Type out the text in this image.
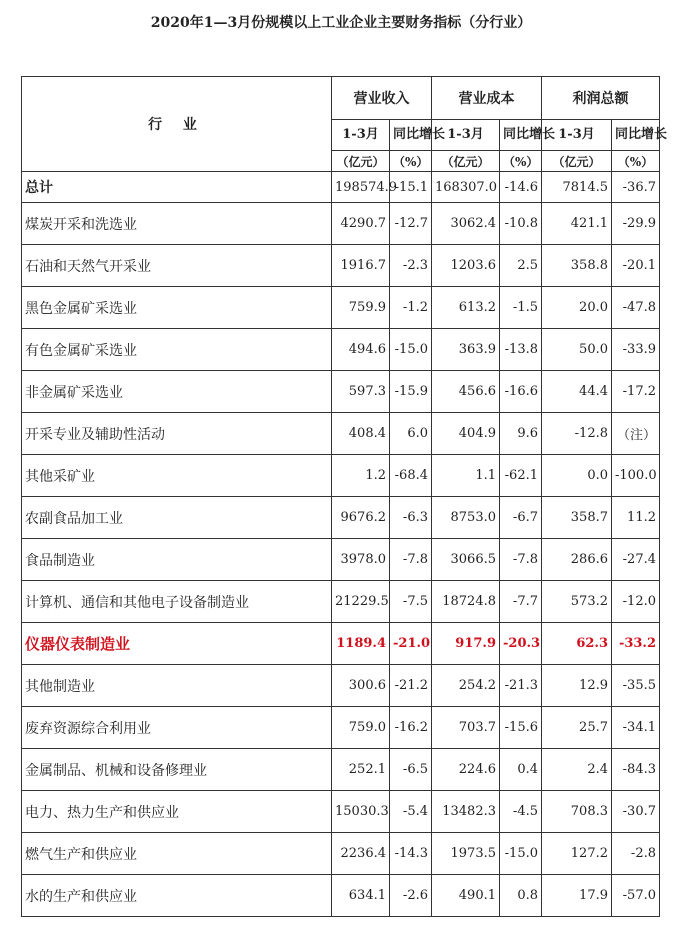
2020年1—3月份规模以上工业企业主要财务指标（分行业）
行 业	营业收入		营业成本		利润总额	
	1-3月	同比增长	1-3月	同比增长	1-3月	同比增长
	（亿元）	（%）	（亿元）	（%）	（亿元）	（%）
总计	198574.9	-15.1	168307.0	-14.6	7814.5	-36.7
煤炭开采和洗选业	4290.7	-12.7	3062.4	-10.8	421.1	-29.9
石油和天然气开采业	1916.7	-2.3	1203.6	2.5	358.8	-20.1
黑色金属矿采选业	759.9	-1.2	613.2	-1.5	20.0	-47.8
有色金属矿采选业	494.6	-15.0	363.9	-13.8	50.0	-33.9
非金属矿采选业	597.3	-15.9	456.6	-16.6	44.4	-17.2
开采专业及辅助性活动	408.4	6.0	404.9	9.6	-12.8	（注）
其他采矿业	1.2	-68.4	1.1	-62.1	0.0	-100.0
农副食品加工业	9676.2	-6.3	8753.0	-6.7	358.7	11.2
食品制造业	3978.0	-7.8	3066.5	-7.8	286.6	-27.4
计算机、通信和其他电子设备制造业	21229.5	-7.5	18724.8	-7.7	573.2	-12.0
仪器仪表制造业	1189.4	-21.0	917.9	-20.3	62.3	-33.2
其他制造业	300.6	-21.2	254.2	-21.3	12.9	-35.5
废弃资源综合利用业	759.0	-16.2	703.7	-15.6	25.7	-34.1
金属制品、机械和设备修理业	252.1	-6.5	224.6	0.4	2.4	-84.3
电力、热力生产和供应业	15030.3	-5.4	13482.3	-4.5	708.3	-30.7
燃气生产和供应业	2236.4	-14.3	1973.5	-15.0	127.2	-2.8
水的生产和供应业	634.1	-2.6	490.1	0.8	17.9	-57.0
